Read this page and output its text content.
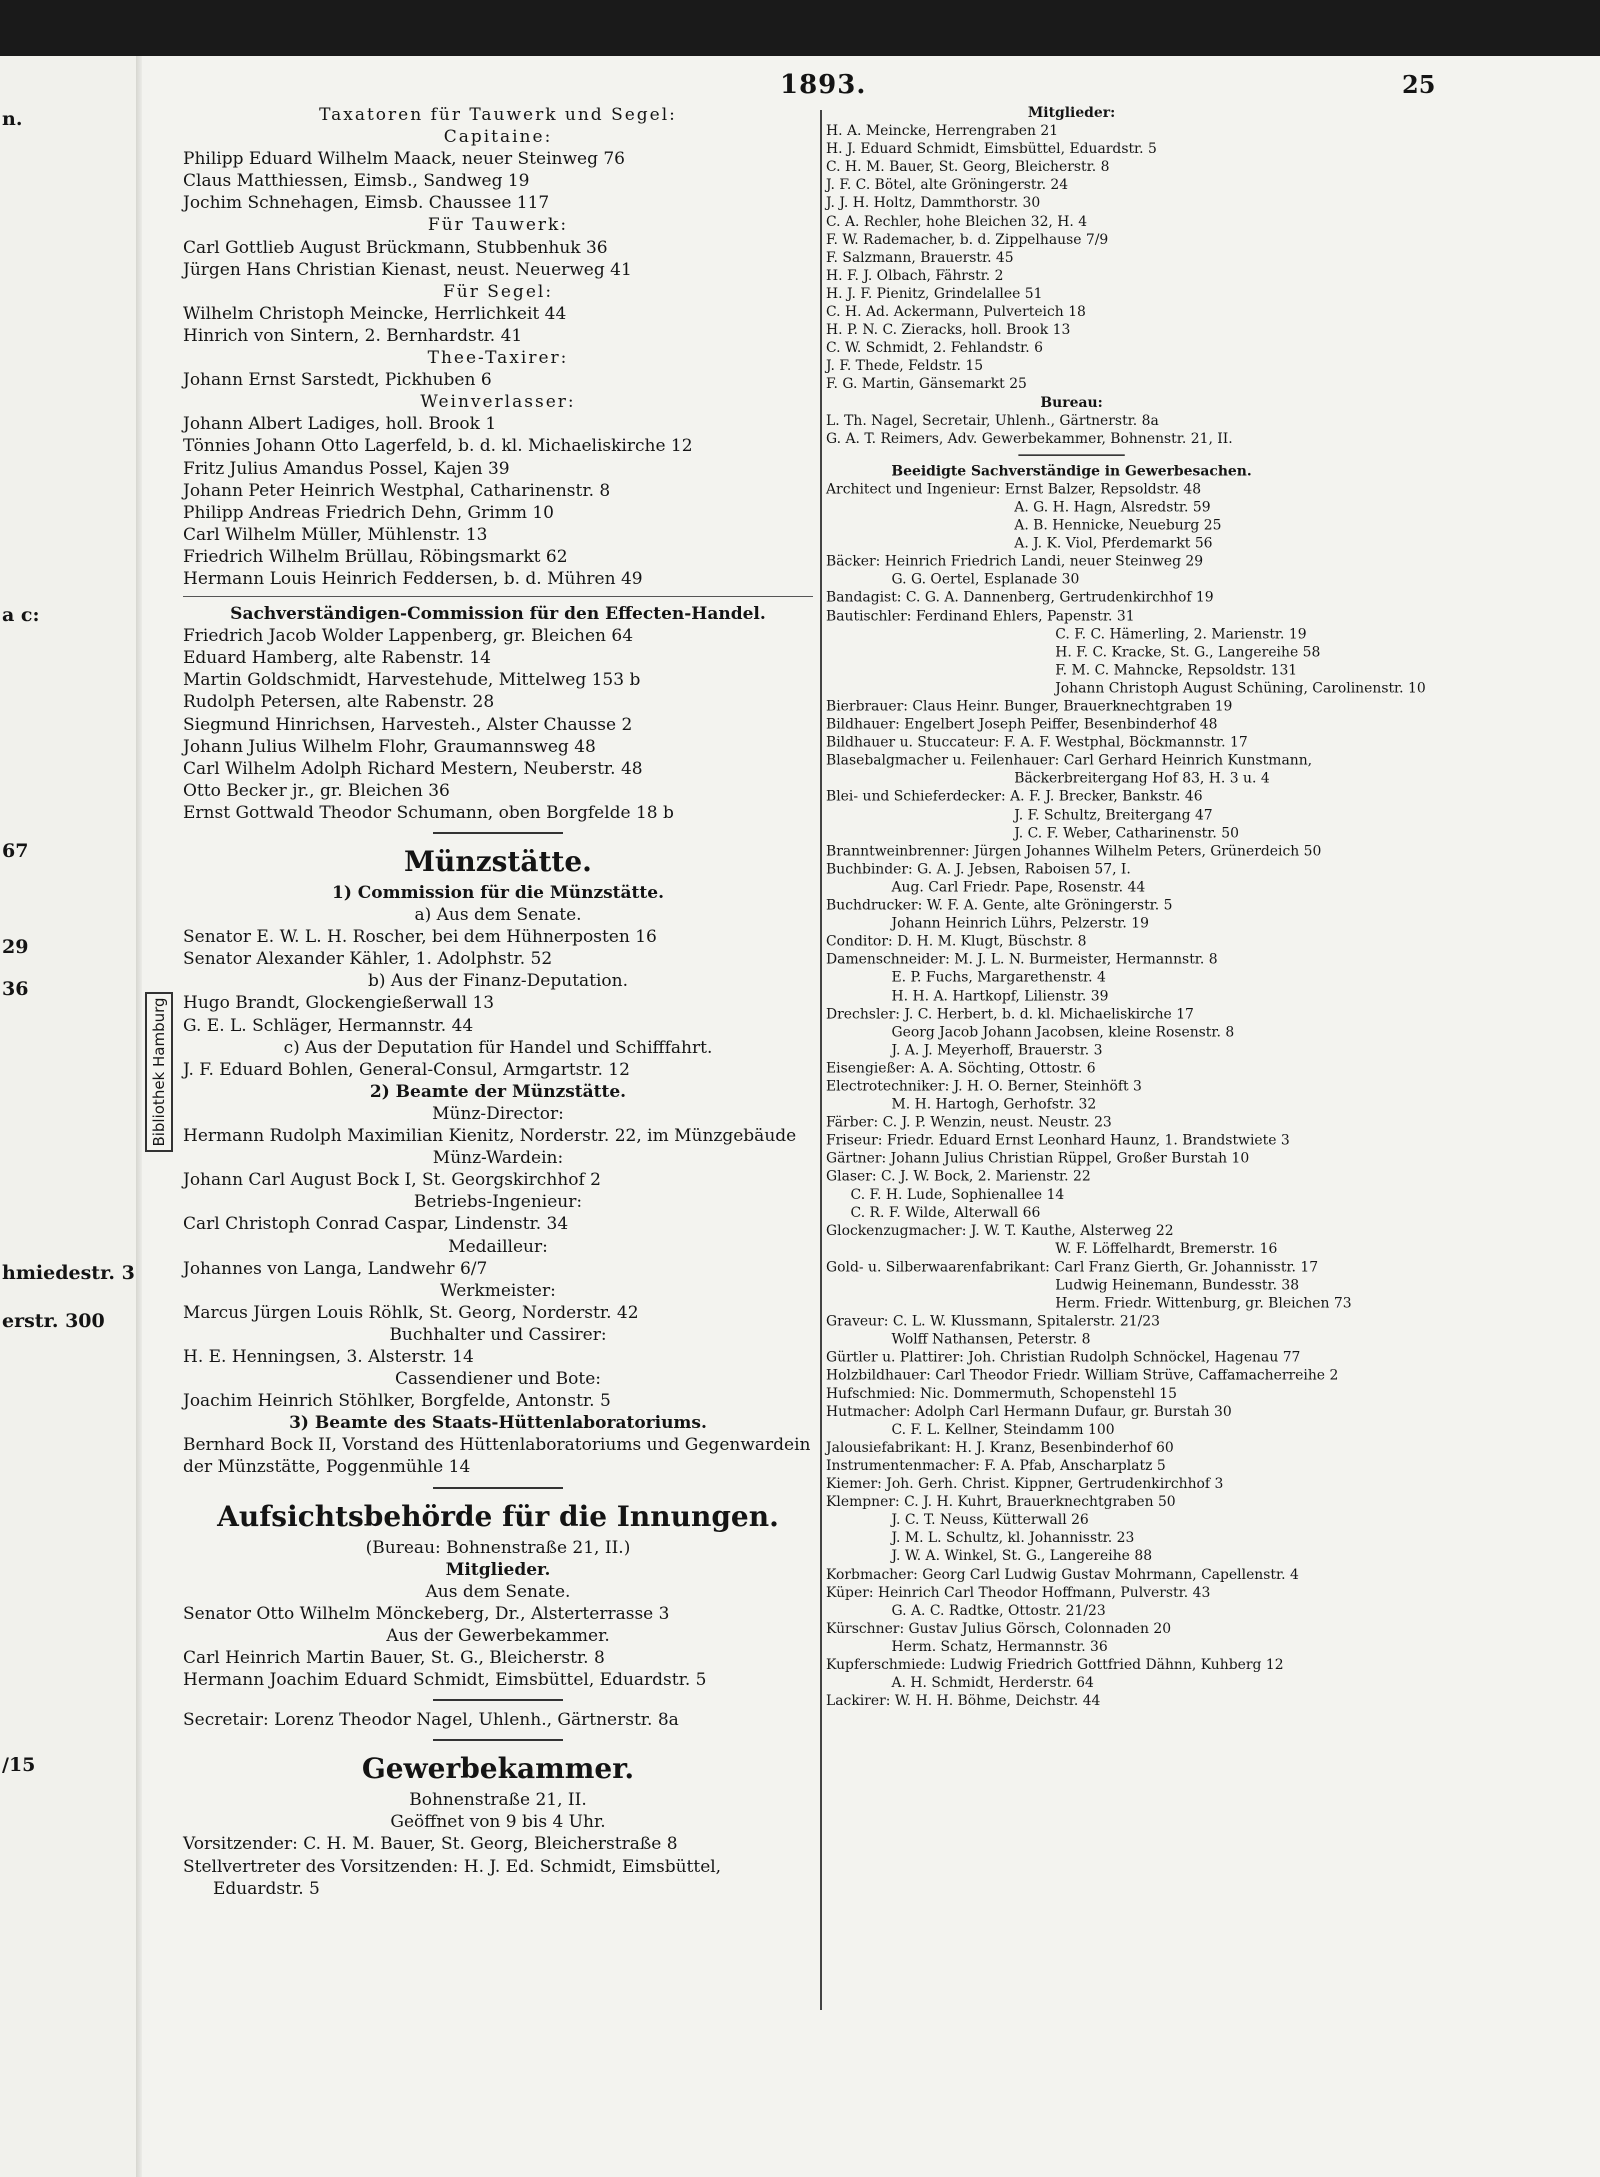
1893.	25
Bibliothek Hamburg
Taxatoren für Tauwerk und Segel:
Capitaine:
Philipp Eduard Wilhelm Maack, neuer Steinweg 76
Claus Matthiessen, Eimsb., Sandweg 19
Jochim Schnehagen, Eimsb. Chaussee 117
Für Tauwerk:
Carl Gottlieb August Brückmann, Stubbenhuk 36
Jürgen Hans Christian Kienast, neust. Neuerweg 41
Für Segel:
Wilhelm Christoph Meincke, Herrlichkeit 44
Hinrich von Sintern, 2. Bernhardstr. 41
Thee-Taxirer:
Johann Ernst Sarstedt, Pickhuben 6
Weinverlasser:
Johann Albert Ladiges, holl. Brook 1
Tönnies Johann Otto Lagerfeld, b. d. kl. Michaeliskirche 12
Fritz Julius Amandus Possel, Kajen 39
Johann Peter Heinrich Westphal, Catharinenstr. 8
Philipp Andreas Friedrich Dehn, Grimm 10
Carl Wilhelm Müller, Mühlenstr. 13
Friedrich Wilhelm Brüllau, Röbingsmarkt 62
Hermann Louis Heinrich Feddersen, b. d. Mühren 49
Sachverständigen-Commission für den Effecten-Handel.
Friedrich Jacob Wolder Lappenberg, gr. Bleichen 64
Eduard Hamberg, alte Rabenstr. 14
Martin Goldschmidt, Harvestehude, Mittelweg 153 b
Rudolph Petersen, alte Rabenstr. 28
Siegmund Hinrichsen, Harvesteh., Alster Chausse 2
Johann Julius Wilhelm Flohr, Graumannsweg 48
Carl Wilhelm Adolph Richard Mestern, Neuberstr. 48
Otto Becker jr., gr. Bleichen 36
Ernst Gottwald Theodor Schumann, oben Borgfelde 18 b
Münzstätte.
1) Commission für die Münzstätte.
a) Aus dem Senate.
Senator E. W. L. H. Roscher, bei dem Hühnerposten 16
Senator Alexander Kähler, 1. Adolphstr. 52
b) Aus der Finanz-Deputation.
Hugo Brandt, Glockengießerwall 13
G. E. L. Schläger, Hermannstr. 44
c) Aus der Deputation für Handel und Schifffahrt.
J. F. Eduard Bohlen, General-Consul, Armgartstr. 12
2) Beamte der Münzstätte.
Münz-Director:
Hermann Rudolph Maximilian Kienitz, Norderstr. 22, im Münzgebäude
Münz-Wardein:
Johann Carl August Bock I, St. Georgskirchhof 2
Betriebs-Ingenieur:
Carl Christoph Conrad Caspar, Lindenstr. 34
Medailleur:
Johannes von Langa, Landwehr 6/7
Werkmeister:
Marcus Jürgen Louis Röhlk, St. Georg, Norderstr. 42
Buchhalter und Cassirer:
H. E. Henningsen, 3. Alsterstr. 14
Cassendiener und Bote:
Joachim Heinrich Stöhlker, Borgfelde, Antonstr. 5
3) Beamte des Staats-Hüttenlaboratoriums.
Bernhard Bock II, Vorstand des Hüttenlaboratoriums und Gegenwardein
der Münzstätte, Poggenmühle 14
Aufsichtsbehörde für die Innungen.
(Bureau: Bohnenstraße 21, II.)
Mitglieder.
Aus dem Senate.
Senator Otto Wilhelm Mönckeberg, Dr., Alsterterrasse 3
Aus der Gewerbekammer.
Carl Heinrich Martin Bauer, St. G., Bleicherstr. 8
Hermann Joachim Eduard Schmidt, Eimsbüttel, Eduardstr. 5
Secretair: Lorenz Theodor Nagel, Uhlenh., Gärtnerstr. 8a
Gewerbekammer.
Bohnenstraße 21, II.
Geöffnet von 9 bis 4 Uhr.
Vorsitzender: C. H. M. Bauer, St. Georg, Bleicherstraße 8
Stellvertreter des Vorsitzenden: H. J. Ed. Schmidt, Eimsbüttel,
Eduardstr. 5
Mitglieder:
H. A. Meincke, Herrengraben 21
H. J. Eduard Schmidt, Eimsbüttel, Eduardstr. 5
C. H. M. Bauer, St. Georg, Bleicherstr. 8
J. F. C. Bötel, alte Gröningerstr. 24
J. J. H. Holtz, Dammthorstr. 30
C. A. Rechler, hohe Bleichen 32, H. 4
F. W. Rademacher, b. d. Zippelhause 7/9
F. Salzmann, Brauerstr. 45
H. F. J. Olbach, Fährstr. 2
H. J. F. Pienitz, Grindelallee 51
C. H. Ad. Ackermann, Pulverteich 18
H. P. N. C. Zieracks, holl. Brook 13
C. W. Schmidt, 2. Fehlandstr. 6
J. F. Thede, Feldstr. 15
F. G. Martin, Gänsemarkt 25
Bureau:
L. Th. Nagel, Secretair, Uhlenh., Gärtnerstr. 8a
G. A. T. Reimers, Adv. Gewerbekammer, Bohnenstr. 21, II.
Beeidigte Sachverständige in Gewerbesachen.
Architect und Ingenieur: Ernst Balzer, Repsoldstr. 48
A. G. H. Hagn, Alsredstr. 59
A. B. Hennicke, Neueburg 25
A. J. K. Viol, Pferdemarkt 56
Bäcker: Heinrich Friedrich Landi, neuer Steinweg 29
G. G. Oertel, Esplanade 30
Bandagist: C. G. A. Dannenberg, Gertrudenkirchhof 19
Bautischler: Ferdinand Ehlers, Papenstr. 31
C. F. C. Hämerling, 2. Marienstr. 19
H. F. C. Kracke, St. G., Langereihe 58
F. M. C. Mahncke, Repsoldstr. 131
Johann Christoph August Schüning, Carolinenstr. 10
Bierbrauer: Claus Heinr. Bunger, Brauerknechtgraben 19
Bildhauer: Engelbert Joseph Peiffer, Besenbinderhof 48
Bildhauer u. Stuccateur: F. A. F. Westphal, Böckmannstr. 17
Blasebalgmacher u. Feilenhauer: Carl Gerhard Heinrich Kunstmann,
Bäckerbreitergang Hof 83, H. 3 u. 4
Blei- und Schieferdecker: A. F. J. Brecker, Bankstr. 46
J. F. Schultz, Breitergang 47
J. C. F. Weber, Catharinenstr. 50
Branntweinbrenner: Jürgen Johannes Wilhelm Peters, Grünerdeich 50
Buchbinder: G. A. J. Jebsen, Raboisen 57, I.
Aug. Carl Friedr. Pape, Rosenstr. 44
Buchdrucker: W. F. A. Gente, alte Gröningerstr. 5
Johann Heinrich Lührs, Pelzerstr. 19
Conditor: D. H. M. Klugt, Büschstr. 8
Damenschneider: M. J. L. N. Burmeister, Hermannstr. 8
E. P. Fuchs, Margarethenstr. 4
H. H. A. Hartkopf, Lilienstr. 39
Drechsler: J. C. Herbert, b. d. kl. Michaeliskirche 17
Georg Jacob Johann Jacobsen, kleine Rosenstr. 8
J. A. J. Meyerhoff, Brauerstr. 3
Eisengießer: A. A. Söchting, Ottostr. 6
Electrotechniker: J. H. O. Berner, Steinhöft 3
M. H. Hartogh, Gerhofstr. 32
Färber: C. J. P. Wenzin, neust. Neustr. 23
Friseur: Friedr. Eduard Ernst Leonhard Haunz, 1. Brandstwiete 3
Gärtner: Johann Julius Christian Rüppel, Großer Burstah 10
Glaser: C. J. W. Bock, 2. Marienstr. 22
C. F. H. Lude, Sophienallee 14
C. R. F. Wilde, Alterwall 66
Glockenzugmacher: J. W. T. Kauthe, Alsterweg 22
W. F. Löffelhardt, Bremerstr. 16
Gold- u. Silberwaarenfabrikant: Carl Franz Gierth, Gr. Johannisstr. 17
Ludwig Heinemann, Bundesstr. 38
Herm. Friedr. Wittenburg, gr. Bleichen 73
Graveur: C. L. W. Klussmann, Spitalerstr. 21/23
Wolff Nathansen, Peterstr. 8
Gürtler u. Plattirer: Joh. Christian Rudolph Schnöckel, Hagenau 77
Holzbildhauer: Carl Theodor Friedr. William Strüve, Caffamacherreihe 2
Hufschmied: Nic. Dommermuth, Schopenstehl 15
Hutmacher: Adolph Carl Hermann Dufaur, gr. Burstah 30
C. F. L. Kellner, Steindamm 100
Jalousiefabrikant: H. J. Kranz, Besenbinderhof 60
Instrumentenmacher: F. A. Pfab, Anscharplatz 5
Kiemer: Joh. Gerh. Christ. Kippner, Gertrudenkirchhof 3
Klempner: C. J. H. Kuhrt, Brauerknechtgraben 50
J. C. T. Neuss, Kütterwall 26
J. M. L. Schultz, kl. Johannisstr. 23
J. W. A. Winkel, St. G., Langereihe 88
Korbmacher: Georg Carl Ludwig Gustav Mohrmann, Capellenstr. 4
Küper: Heinrich Carl Theodor Hoffmann, Pulverstr. 43
G. A. C. Radtke, Ottostr. 21/23
Kürschner: Gustav Julius Görsch, Colonnaden 20
Herm. Schatz, Hermannstr. 36
Kupferschmiede: Ludwig Friedrich Gottfried Dähnn, Kuhberg 12
A. H. Schmidt, Herderstr. 64
Lackirer: W. H. H. Böhme, Deichstr. 44
n.
a c:
67
29
36
hmiedestr. 3
erstr. 300
/15
